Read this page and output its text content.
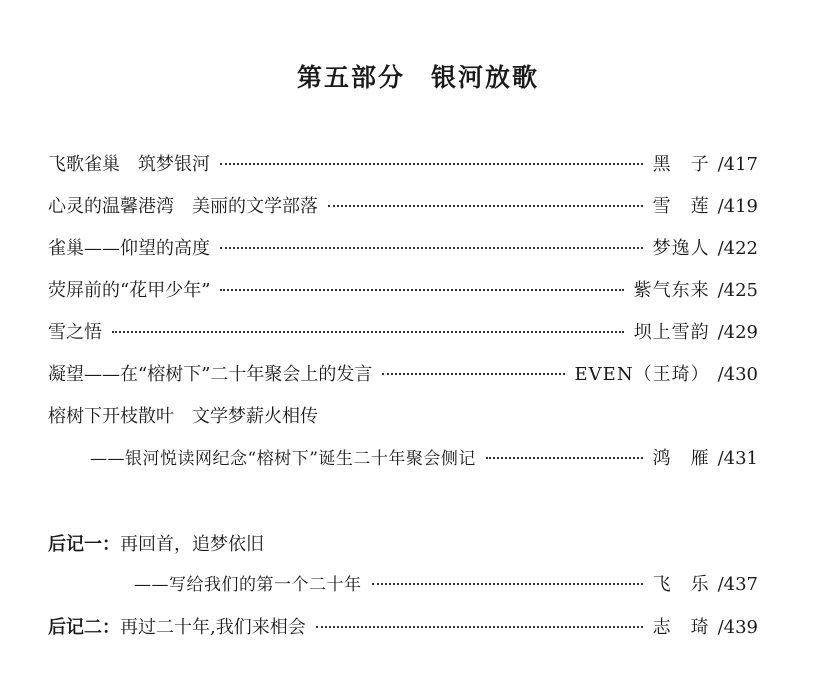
第五部分 银河放歌
飞歌雀巢 筑梦银河	黑　子 /417
心灵的温馨港湾 美丽的文学部落	雪　莲 /419
雀巢——仰望的高度	梦逸人 /422
荧屏前的“花甲少年”	紫气东来 /425
雪之悟	坝上雪韵 /429
凝望——在“榕树下”二十年聚会上的发言	EVEN（王琦） /430
榕树下开枝散叶 文学梦薪火相传
——银河悦读网纪念“榕树下”诞生二十年聚会侧记	鸿　雁 /431
后记一：再回首，追梦依旧
——写给我们的第一个二十年	飞　乐 /437
后记二：再过二十年,我们来相会	志　琦 /439
